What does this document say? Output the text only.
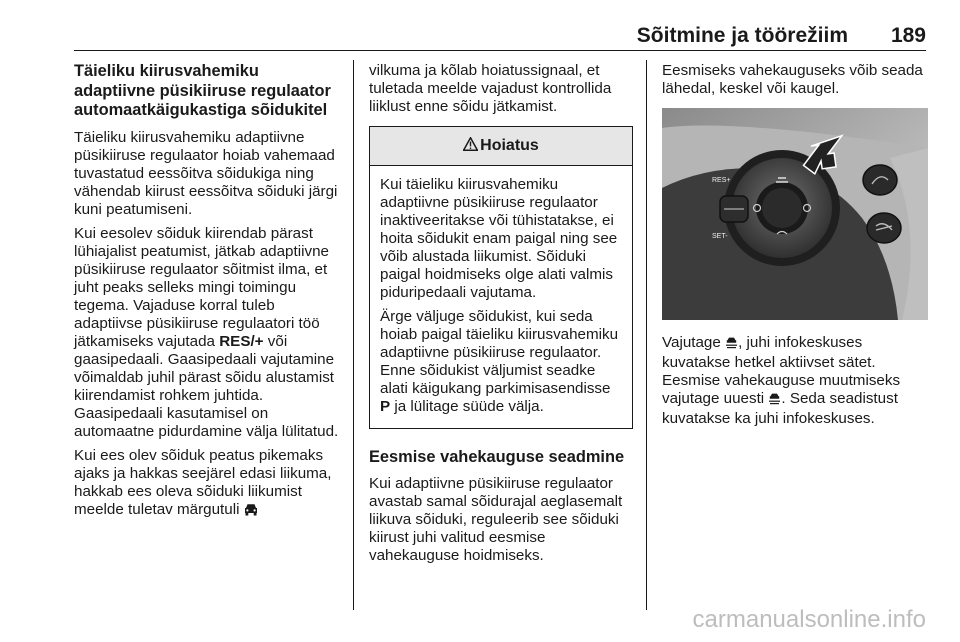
Sõitmine ja töörežiim 189
Täieliku kiirusvahemiku adaptiivne püsikiiruse regulaator automaatkäigukastiga sõidukitel

Täieliku kiirusvahemiku adaptiivne püsikiiruse regulaator hoiab vahemaad tuvastatud eessõitva sõidukiga ning vähendab kiirust eessõitva sõiduki järgi kuni peatumiseni.

Kui eesolev sõiduk kiirendab pärast lühiajalist peatumist, jätkab adaptiivne püsikiiruse regulaator sõitmist ilma, et juht peaks selleks mingi toimingu tegema. Vajaduse korral tuleb adaptiivse püsikiiruse regulaatori töö jätkamiseks vajutada RES/+ või gaasipedaali. Gaasipedaali vajutamine võimaldab juhil pärast sõidu alustamist kiirendamist rohkem juhtida. Gaasipedaali kasutamisel on automaatne pidurdamine välja lülitatud.

Kui ees olev sõiduk peatus pikemaks ajaks ja hakkas seejärel edasi liikuma, hakkab ees oleva sõiduki liikumist meelde tuletav märgutuli

vilkuma ja kõlab hoiatussignaal, et tuletada meelde vajadust kontrollida liiklust enne sõidu jätkamist.

Hoiatus

Kui täieliku kiirusvahemiku adaptiivne püsikiiruse regulaator inaktiveeritakse või tühistatakse, ei hoita sõidukit enam paigal ning see võib alustada liikumist. Sõiduki paigal hoidmiseks olge alati valmis piduripedaali vajutama.

Ärge väljuge sõidukist, kui seda hoiab paigal täieliku kiirusvahemiku adaptiivne püsikiiruse regulaator. Enne sõidukist väljumist seadke alati käigukang parkimisasendisse P ja lülitage süüde välja.

Eesmise vahekauguse seadmine

Kui adaptiivne püsikiiruse regulaator avastab samal sõidurajal aeglasemalt liikuva sõiduki, reguleerib see sõiduki kiirust juhi valitud eesmise vahekauguse hoidmiseks.

Eesmiseks vahekauguseks võib seada lähedal, keskel või kaugel.

RES+
SET-

Vajutage , juhi infokeskuses kuvatakse hetkel aktiivset sätet. Eesmise vahekauguse muutmiseks vajutage uuesti . Seda seadistust kuvatakse ka juhi infokeskuses.

carmanualsonline.info
